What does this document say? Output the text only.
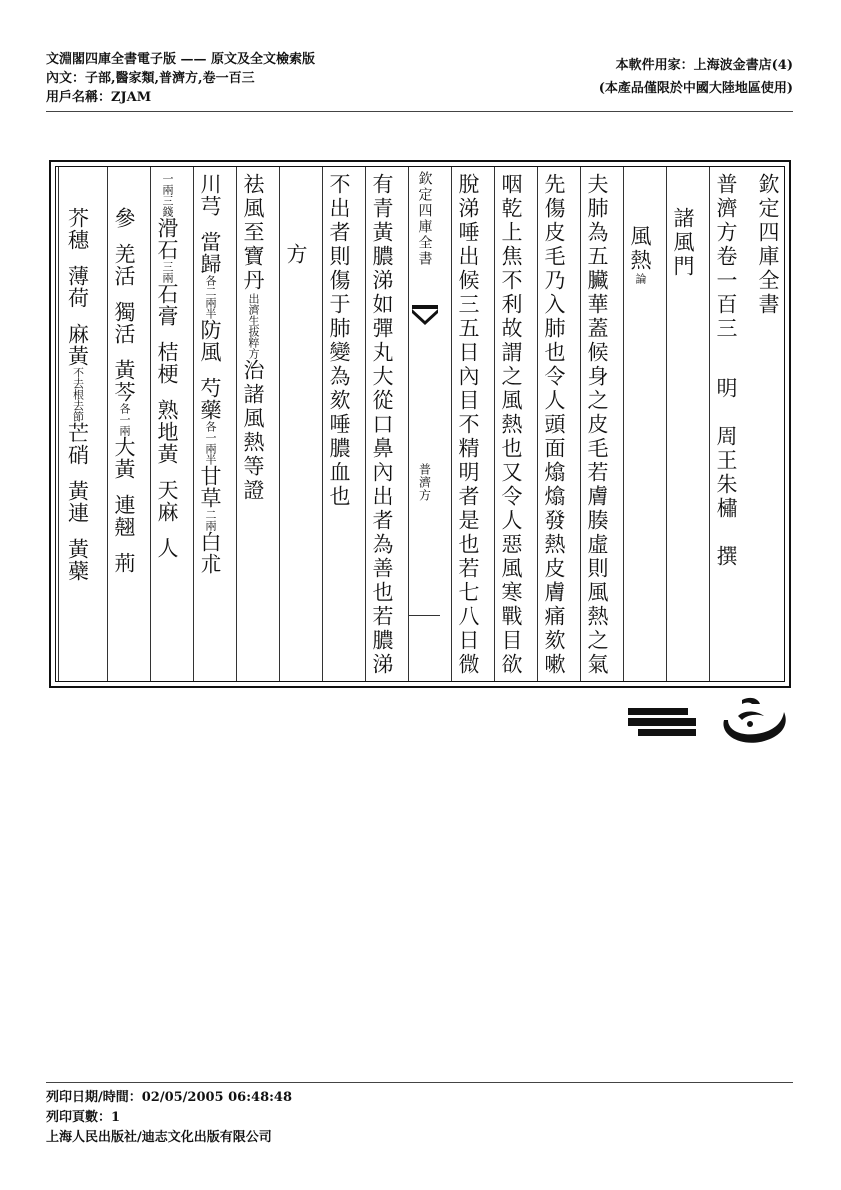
文淵閣四庫全書電子版 —— 原文及全文檢索版
內文：子部,醫家類,普濟方,卷一百三
用戶名稱：ZJAM
本軟件用家：上海波金書店(4)
(本產品僅限於中國大陸地區使用)
欽定四庫全書
普濟方卷一百三明　周王朱橚　撰
諸風門
風熱論
夫肺為五臟華蓋候身之皮毛若膚腠虛則風熱之氣
先傷皮毛乃入肺也令人頭面熻熻發熱皮膚痛欬嗽
咽乾上焦不利故謂之風熱也又令人惡風寒戰目欲
脫涕唾出候三五日內目不精明者是也若七八日微
欽定四庫全書
普濟方
有青黃膿涕如彈丸大從口鼻內出者為善也若膿涕
不出者則傷于肺變為欬唾膿血也
方
祛風至寶丹出濟生拔粹方治諸風熱等證
川芎當歸各二兩半防風芍藥各一兩半甘草二兩白朮
一兩三錢滑石三兩石膏桔梗熟地黃天麻人
參羌活獨活黃芩各一兩大黃連翹荊
芥穗薄荷麻黃不去根去節芒硝黃連黃蘗
列印日期/時間：02/05/2005 06:48:48
列印頁數：1
上海人民出版社/迪志文化出版有限公司
